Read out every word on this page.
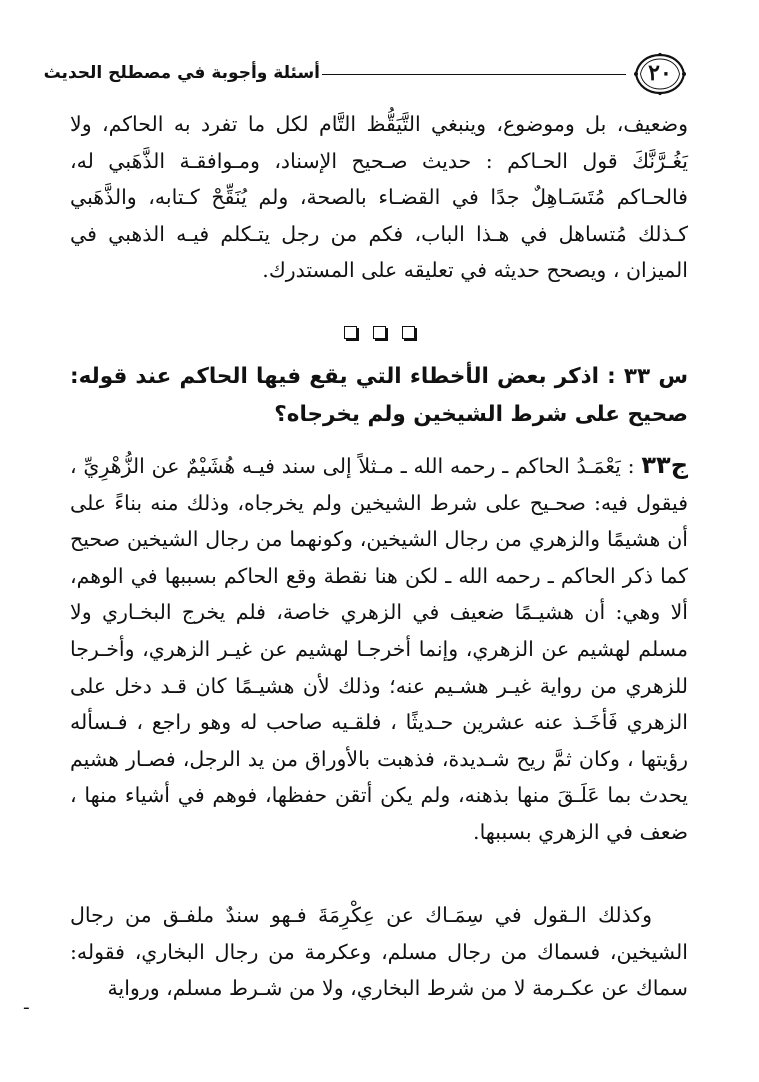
٢٠
أسئلة وأجوبة في مصطلح الحديث

وضعيف، بل وموضوع، وينبغي التَّيَقُّظ التَّام لكل ما تفرد به الحاكم، ولا يَغُـرَّنَّكَ قول الحـاكم : حديث صـحيح الإسناد، ومـوافقـة الذَّهَبي له، فالحـاكم مُتَسَـاهِلٌ جدًا في القضـاء بالصحة، ولم يُنَقِّحْ كـتابه، والذَّهَبي كـذلك مُتساهل في هـذا الباب، فكم من رجل يتـكلم فيـه الذهبي في الميزان ، ويصحح حديثه في تعليقه على المستدرك.

س ٣٣ : اذكر بعض الأخطاء التي يقع فيها الحاكم عند قوله: صحيح على شرط الشيخين ولم يخرجاه؟

ج٣٣ : يَعْمَـدُ الحاكم ـ رحمه الله ـ مـثلاً إلى سند فيـه هُشَيْمٌ عن الزُّهْرِيِّ ، فيقول فيه: صحـيح على شرط الشيخين ولم يخرجاه، وذلك منه بناءً على أن هشيمًا والزهري من رجال الشيخين، وكونهما من رجال الشيخين صحيح كما ذكر الحاكم ـ رحمه الله ـ لكن هنا نقطة وقع الحاكم بسببها في الوهم، ألا وهي: أن هشيـمًا ضعيف في الزهري خاصة، فلم يخرج البخـاري ولا مسلم لهشيم عن الزهري، وإنما أخرجـا لهشيم عن غيـر الزهري، وأخـرجا للزهري من رواية غيـر هشـيم عنه؛ وذلك لأن هشيـمًا كان قـد دخل على الزهري فَأخَـذ عنه عشرين حـديثًا ، فلقـيه صاحب له وهو راجع ، فـسأله رؤيتها ، وكان ثمَّ ريح شـديدة، فذهبت بالأوراق من يد الرجل، فصـار هشيم يحدث بما عَلَـقَ منها بذهنه، ولم يكن أتقن حفظها، فوهم في أشياء منها ، ضعف في الزهري بسببها.

وكذلك الـقول في سِمَـاك عن عِكْرِمَةَ فـهو سندٌ ملفـق من رجال الشيخين، فسماك من رجال مسلم، وعكرمة من رجال البخاري، فقوله: سماك عن عكـرمة لا من شرط البخاري، ولا من شـرط مسلم، ورواية

ـ
